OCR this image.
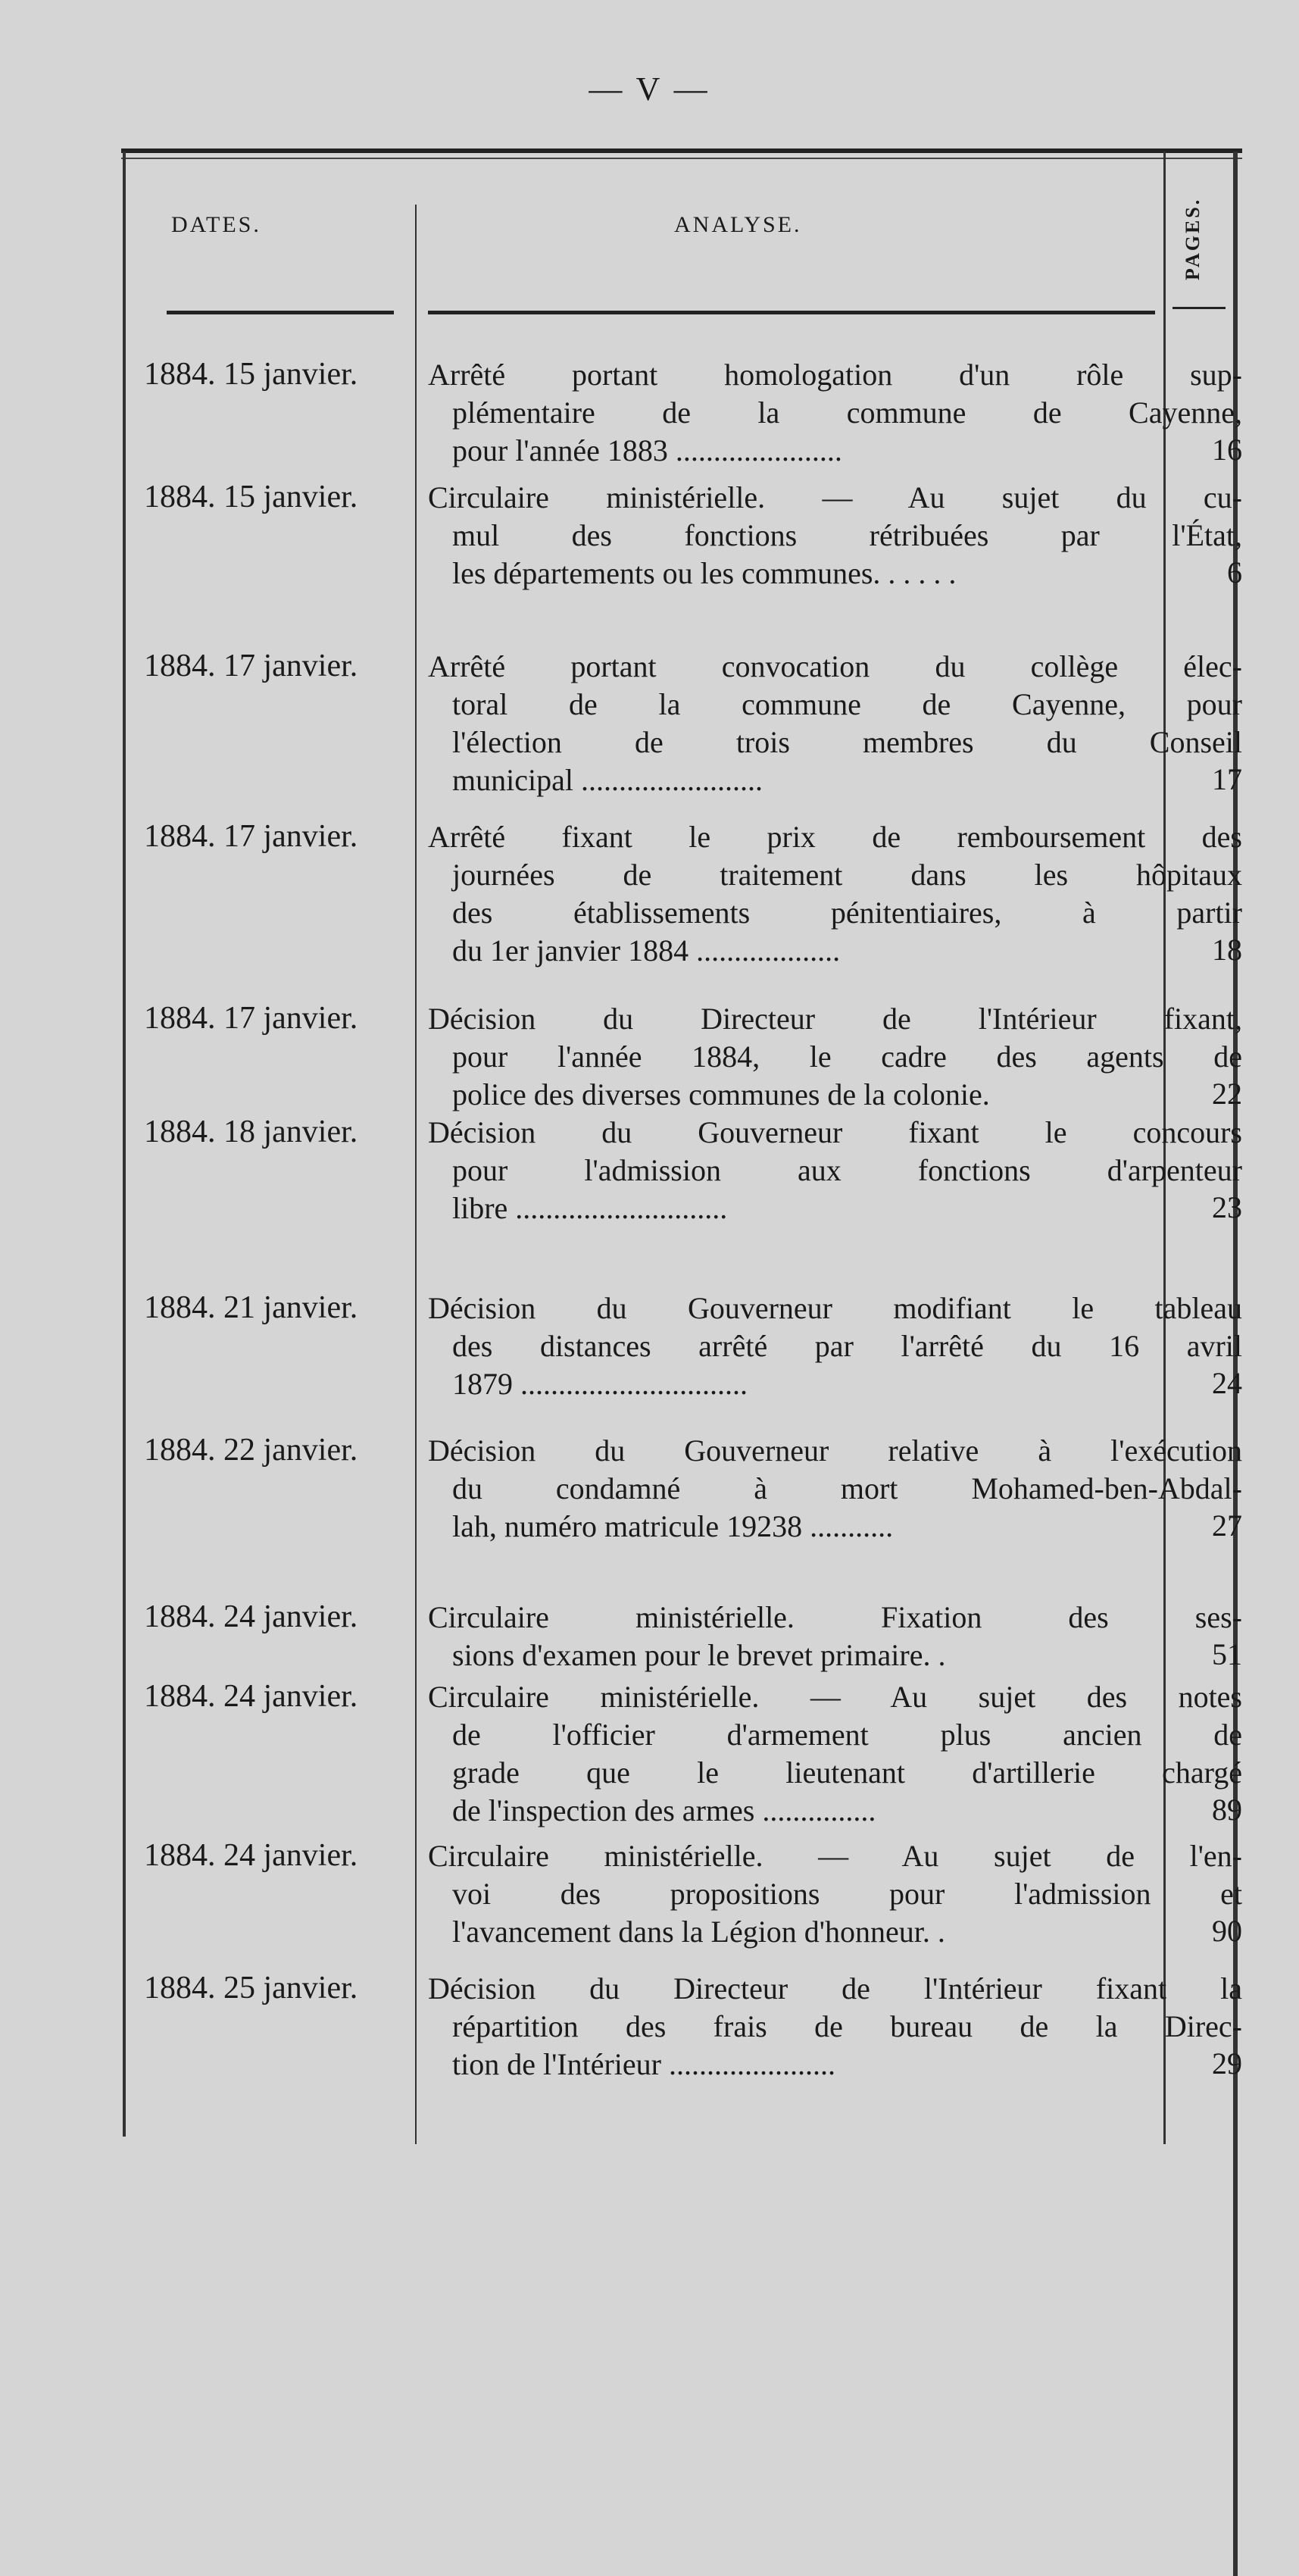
— V —
DATES.	ANALYSE.	PAGES.
1884. 15 janvier.	Arrêté portant homologation d'un rôle sup-
plémentaire de la commune de Cayenne,
pour l'année 1883 ......................	16
1884. 15 janvier.	Circulaire ministérielle. — Au sujet du cu-
mul des fonctions rétribuées par l'État,
les départements ou les communes. . . . . .	6
1884. 17 janvier.	Arrêté portant convocation du collège élec-
toral de la commune de Cayenne, pour
l'élection de trois membres du Conseil
municipal ........................	17
1884. 17 janvier.	Arrêté fixant le prix de remboursement des
journées de traitement dans les hôpitaux
des établissements pénitentiaires, à partir
du 1er janvier 1884 ...................	18
1884. 17 janvier.	Décision du Directeur de l'Intérieur fixant,
pour l'année 1884, le cadre des agents de
police des diverses communes de la colonie.	22
1884. 18 janvier.	Décision du Gouverneur fixant le concours
pour l'admission aux fonctions d'arpenteur
libre ............................	23
1884. 21 janvier.	Décision du Gouverneur modifiant le tableau
des distances arrêté par l'arrêté du 16 avril
1879 ..............................	24
1884. 22 janvier.	Décision du Gouverneur relative à l'exécution
du condamné à mort Mohamed-ben-Abdal-
lah, numéro matricule 19238 ...........	27
1884. 24 janvier.	Circulaire ministérielle. Fixation des ses-
sions d'examen pour le brevet primaire. .	51
1884. 24 janvier.	Circulaire ministérielle. — Au sujet des notes
de l'officier d'armement plus ancien de
grade que le lieutenant d'artillerie chargé
de l'inspection des armes ...............	89
1884. 24 janvier.	Circulaire ministérielle. — Au sujet de l'en-
voi des propositions pour l'admission et
l'avancement dans la Légion d'honneur. .	90
1884. 25 janvier.	Décision du Directeur de l'Intérieur fixant la
répartition des frais de bureau de la Direc-
tion de l'Intérieur ......................	29
